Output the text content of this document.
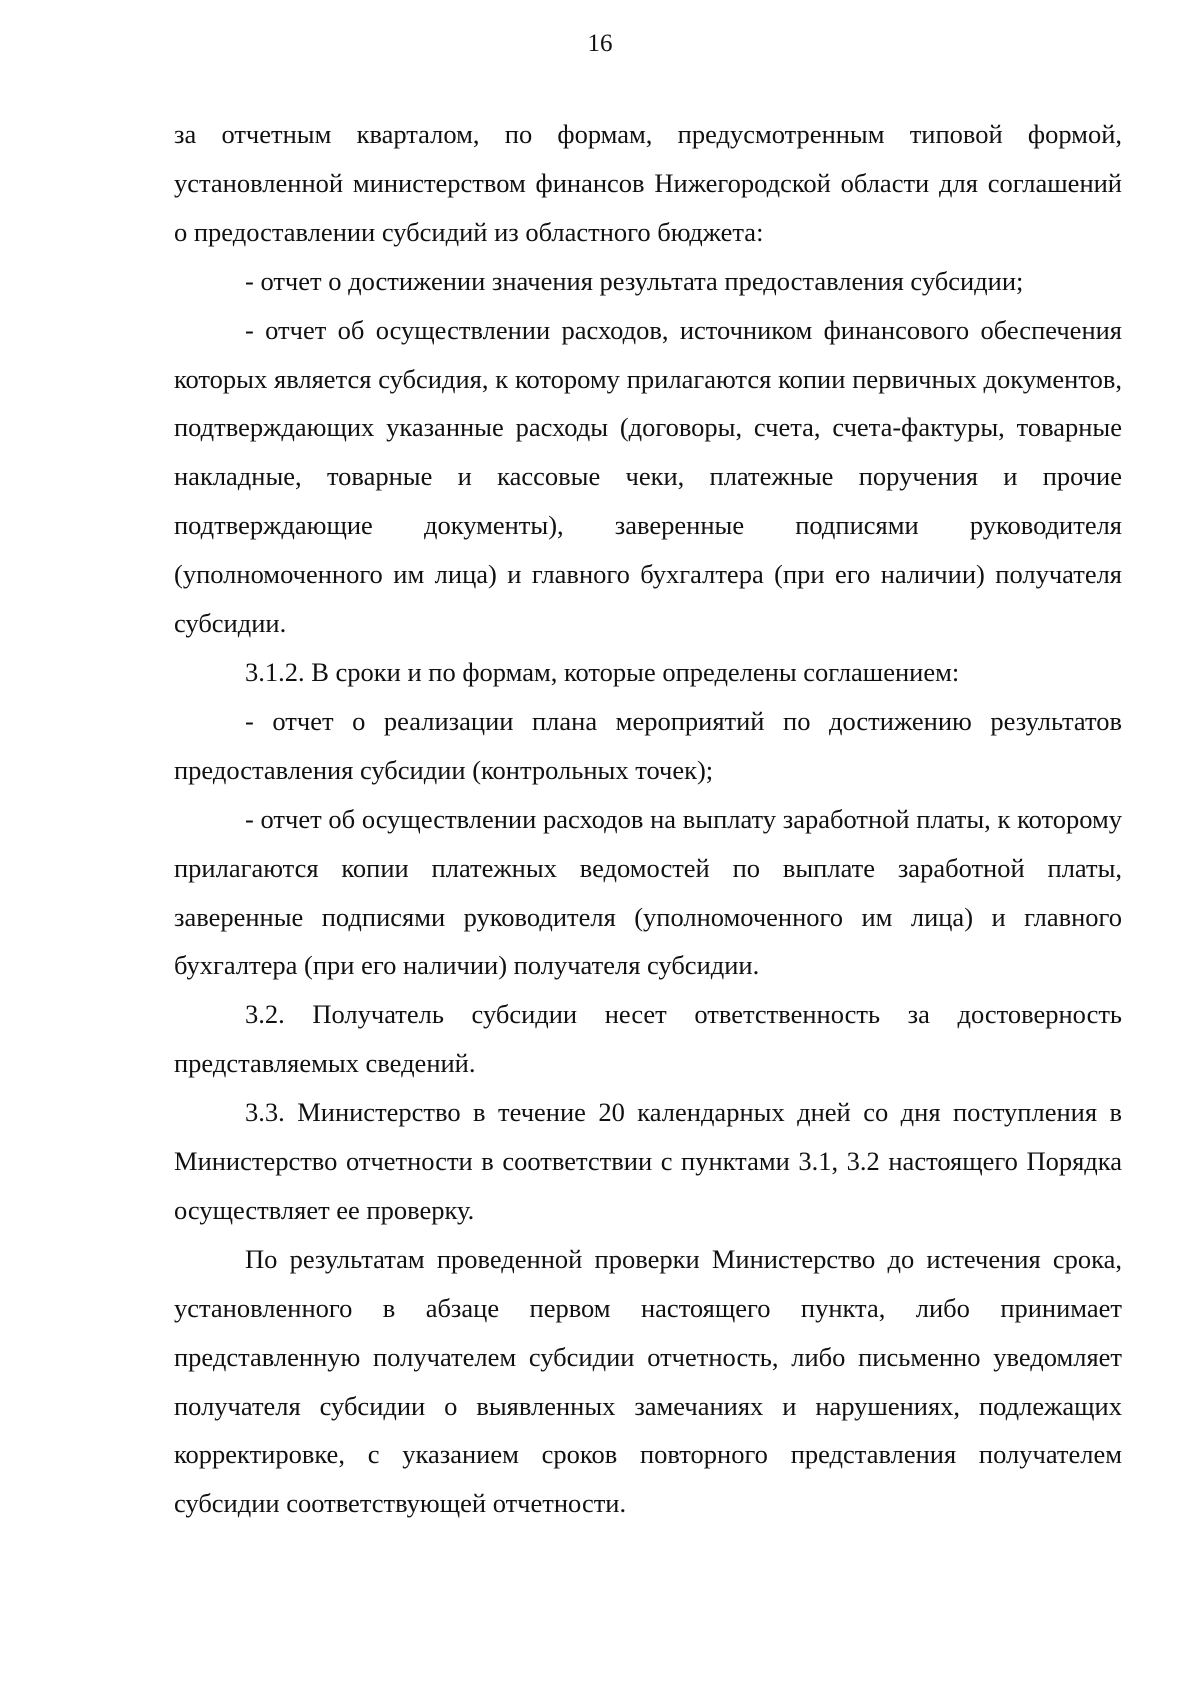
16

за отчетным кварталом, по формам, предусмотренным типовой формой, установленной министерством финансов Нижегородской области для соглашений о предоставлении субсидий из областного бюджета:

- отчет о достижении значения результата предоставления субсидии;

- отчет об осуществлении расходов, источником финансового обеспечения которых является субсидия, к которому прилагаются копии первичных документов, подтверждающих указанные расходы (договоры, счета, счета-фактуры, товарные накладные, товарные и кассовые чеки, платежные поручения и прочие подтверждающие документы), заверенные подписями руководителя (уполномоченного им лица) и главного бухгалтера (при его наличии) получателя субсидии.

3.1.2. В сроки и по формам, которые определены соглашением:

- отчет о реализации плана мероприятий по достижению результатов предоставления субсидии (контрольных точек);

- отчет об осуществлении расходов на выплату заработной платы, к которому прилагаются копии платежных ведомостей по выплате заработной платы, заверенные подписями руководителя (уполномоченного им лица) и главного бухгалтера (при его наличии) получателя субсидии.

3.2. Получатель субсидии несет ответственность за достоверность представляемых сведений.

3.3. Министерство в течение 20 календарных дней со дня поступления в Министерство отчетности в соответствии с пунктами 3.1, 3.2 настоящего Порядка осуществляет ее проверку.

По результатам проведенной проверки Министерство до истечения срока, установленного в абзаце первом настоящего пункта, либо принимает представленную получателем субсидии отчетность, либо письменно уведомляет получателя субсидии о выявленных замечаниях и нарушениях, подлежащих корректировке, с указанием сроков повторного представления получателем субсидии соответствующей отчетности.
